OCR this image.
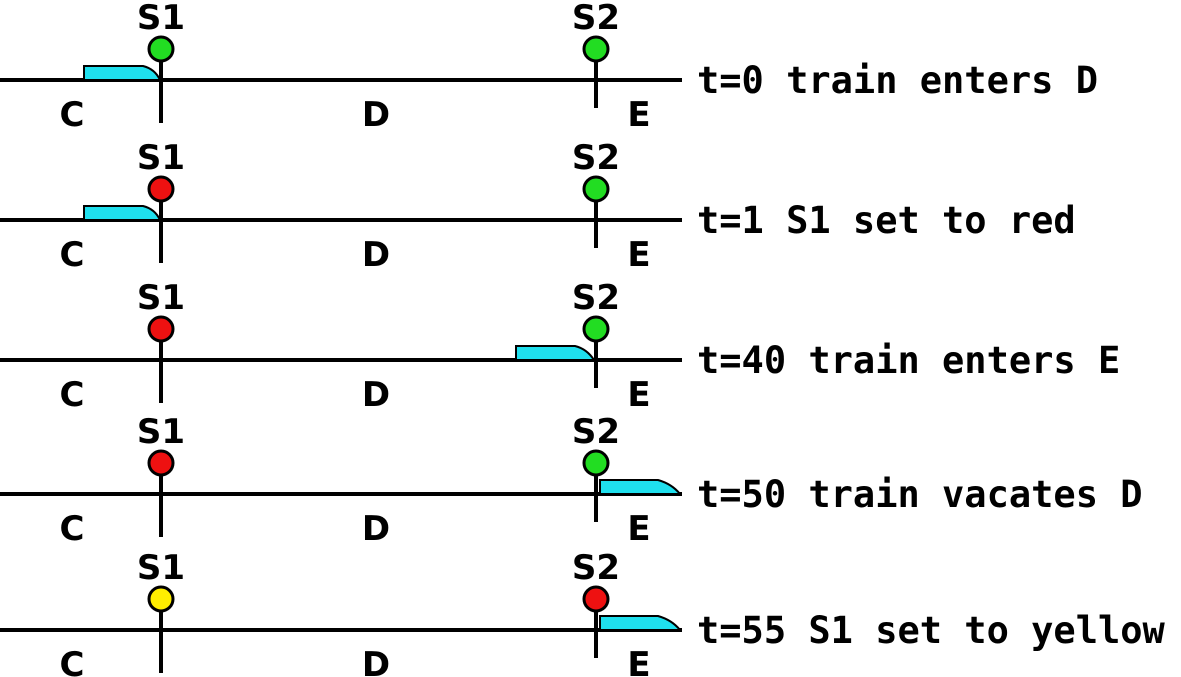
S1	S2
C	D	E
t=0 train enters D
S1	S2
C	D	E
t=1 S1 set to red
S1	S2
C	D	E
t=40 train enters E
S1	S2
C	D	E
t=50 train vacates D
S1	S2
C	D	E
t=55 S1 set to yellow
